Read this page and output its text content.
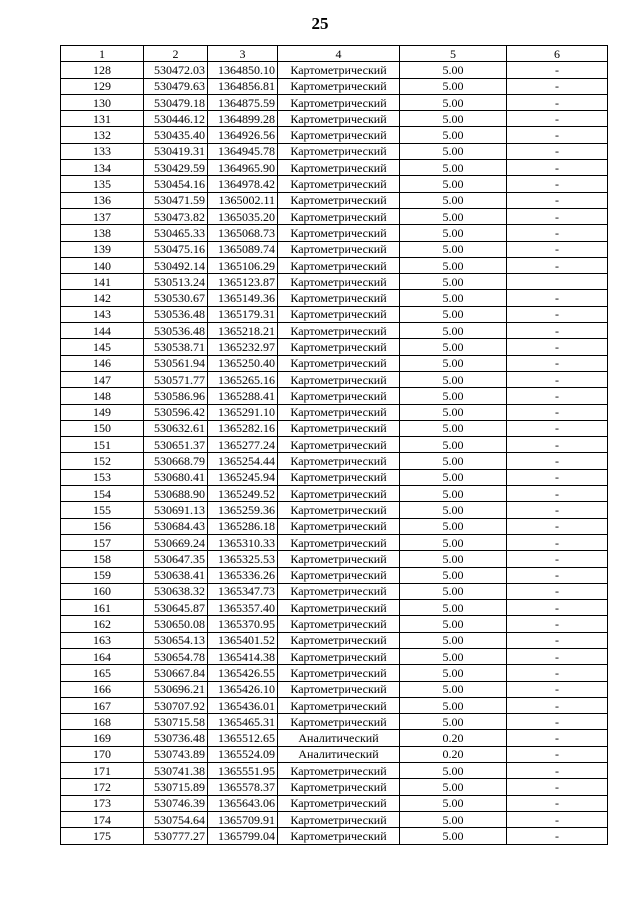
25
1	2	3	4	5	6
128	530472.03	1364850.10	Картометрический	5.00	-
129	530479.63	1364856.81	Картометрический	5.00	-
130	530479.18	1364875.59	Картометрический	5.00	-
131	530446.12	1364899.28	Картометрический	5.00	-
132	530435.40	1364926.56	Картометрический	5.00	-
133	530419.31	1364945.78	Картометрический	5.00	-
134	530429.59	1364965.90	Картометрический	5.00	-
135	530454.16	1364978.42	Картометрический	5.00	-
136	530471.59	1365002.11	Картометрический	5.00	-
137	530473.82	1365035.20	Картометрический	5.00	-
138	530465.33	1365068.73	Картометрический	5.00	-
139	530475.16	1365089.74	Картометрический	5.00	-
140	530492.14	1365106.29	Картометрический	5.00	-
141	530513.24	1365123.87	Картометрический	5.00	
142	530530.67	1365149.36	Картометрический	5.00	-
143	530536.48	1365179.31	Картометрический	5.00	-
144	530536.48	1365218.21	Картометрический	5.00	-
145	530538.71	1365232.97	Картометрический	5.00	-
146	530561.94	1365250.40	Картометрический	5.00	-
147	530571.77	1365265.16	Картометрический	5.00	-
148	530586.96	1365288.41	Картометрический	5.00	-
149	530596.42	1365291.10	Картометрический	5.00	-
150	530632.61	1365282.16	Картометрический	5.00	-
151	530651.37	1365277.24	Картометрический	5.00	-
152	530668.79	1365254.44	Картометрический	5.00	-
153	530680.41	1365245.94	Картометрический	5.00	-
154	530688.90	1365249.52	Картометрический	5.00	-
155	530691.13	1365259.36	Картометрический	5.00	-
156	530684.43	1365286.18	Картометрический	5.00	-
157	530669.24	1365310.33	Картометрический	5.00	-
158	530647.35	1365325.53	Картометрический	5.00	-
159	530638.41	1365336.26	Картометрический	5.00	-
160	530638.32	1365347.73	Картометрический	5.00	-
161	530645.87	1365357.40	Картометрический	5.00	-
162	530650.08	1365370.95	Картометрический	5.00	-
163	530654.13	1365401.52	Картометрический	5.00	-
164	530654.78	1365414.38	Картометрический	5.00	-
165	530667.84	1365426.55	Картометрический	5.00	-
166	530696.21	1365426.10	Картометрический	5.00	-
167	530707.92	1365436.01	Картометрический	5.00	-
168	530715.58	1365465.31	Картометрический	5.00	-
169	530736.48	1365512.65	Аналитический	0.20	-
170	530743.89	1365524.09	Аналитический	0.20	-
171	530741.38	1365551.95	Картометрический	5.00	-
172	530715.89	1365578.37	Картометрический	5.00	-
173	530746.39	1365643.06	Картометрический	5.00	-
174	530754.64	1365709.91	Картометрический	5.00	-
175	530777.27	1365799.04	Картометрический	5.00	-
